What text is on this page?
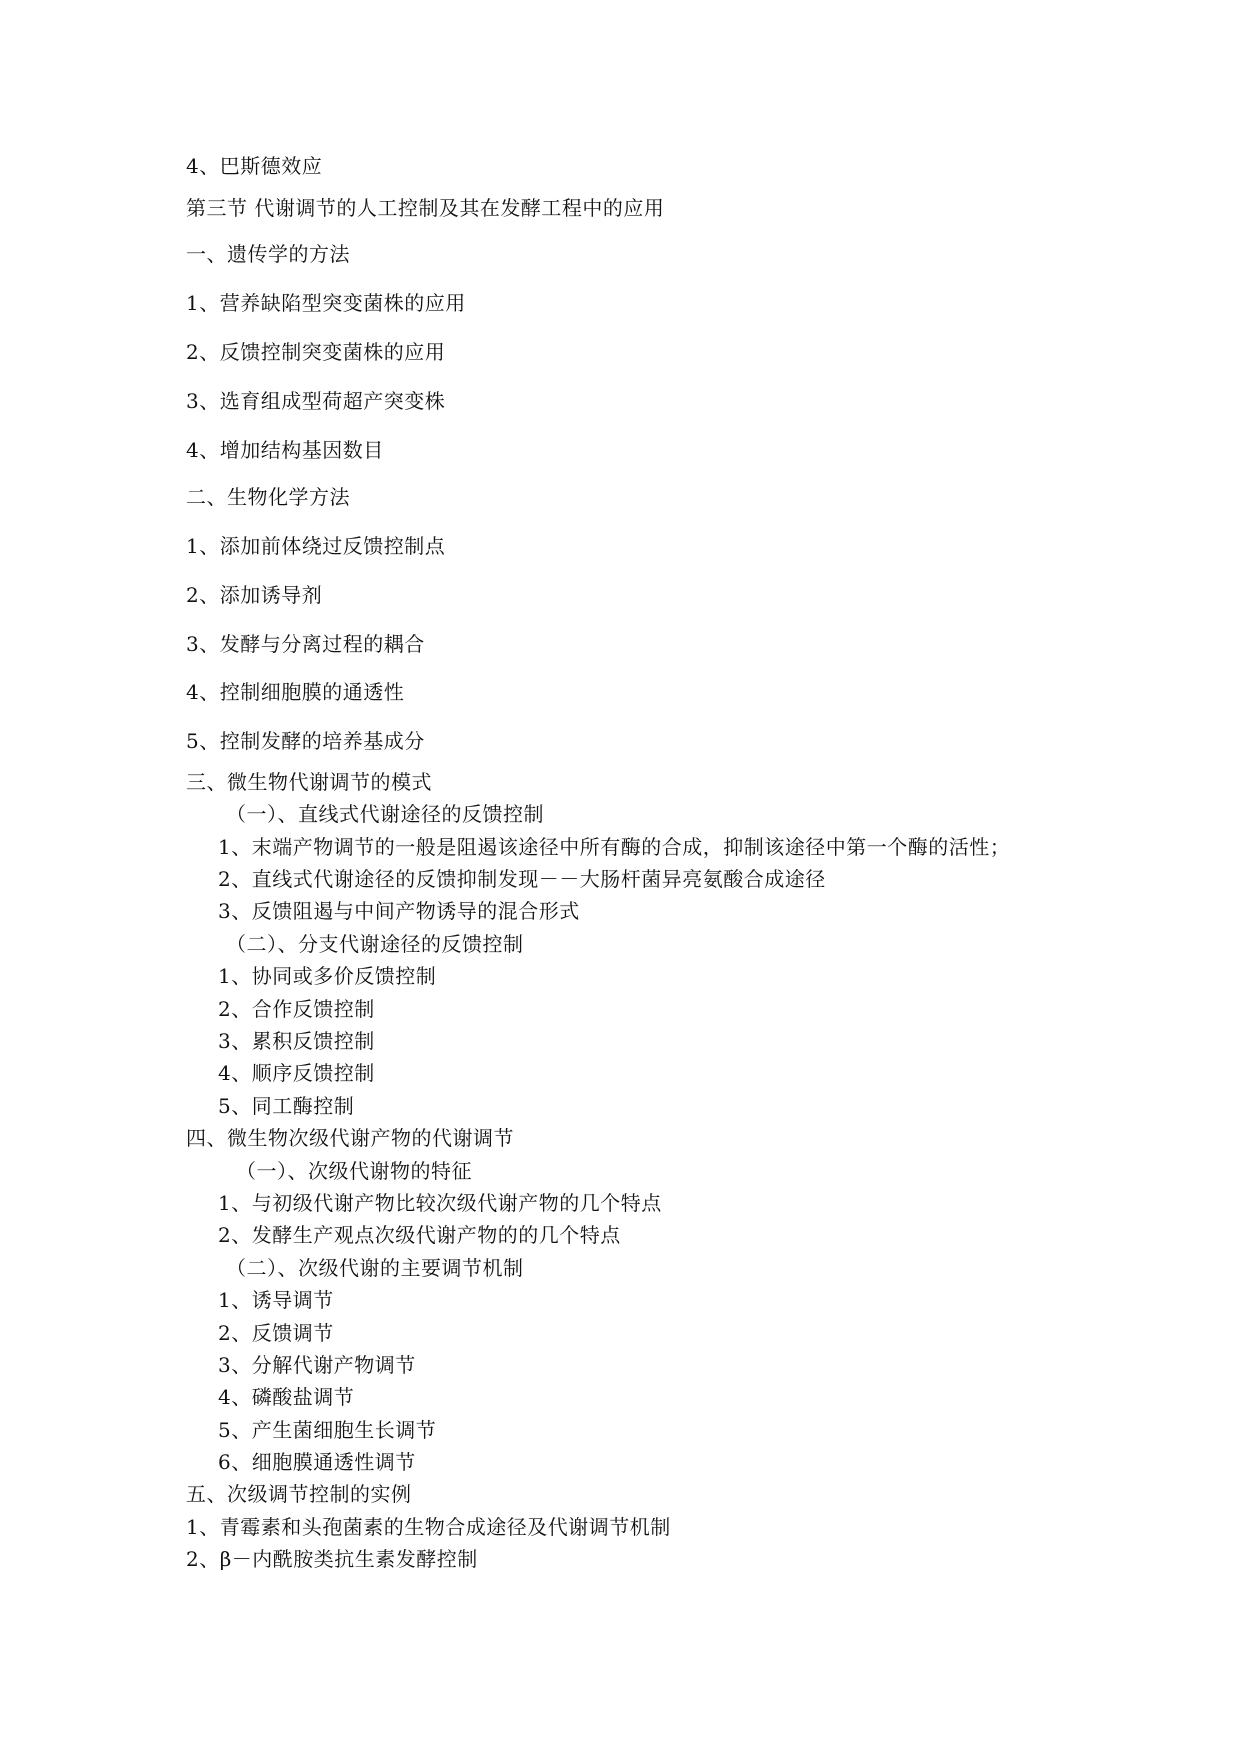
4、巴斯德效应
第三节 代谢调节的人工控制及其在发酵工程中的应用
一、遗传学的方法
1、营养缺陷型突变菌株的应用
2、反馈控制突变菌株的应用
3、选育组成型荷超产突变株
4、增加结构基因数目
二、生物化学方法
1、添加前体绕过反馈控制点
2、添加诱导剂
3、发酵与分离过程的耦合
4、控制细胞膜的通透性
5、控制发酵的培养基成分
三、微生物代谢调节的模式
（一）、直线式代谢途径的反馈控制
1、末端产物调节的一般是阻遏该途径中所有酶的合成，抑制该途径中第一个酶的活性；
2、直线式代谢途径的反馈抑制发现－－大肠杆菌异亮氨酸合成途径
3、反馈阻遏与中间产物诱导的混合形式
（二）、分支代谢途径的反馈控制
1、协同或多价反馈控制
2、合作反馈控制
3、累积反馈控制
4、顺序反馈控制
5、同工酶控制
四、微生物次级代谢产物的代谢调节
（一）、次级代谢物的特征
1、与初级代谢产物比较次级代谢产物的几个特点
2、发酵生产观点次级代谢产物的的几个特点
（二）、次级代谢的主要调节机制
1、诱导调节
2、反馈调节
3、分解代谢产物调节
4、磷酸盐调节
5、产生菌细胞生长调节
6、细胞膜通透性调节
五、次级调节控制的实例
1、青霉素和头孢菌素的生物合成途径及代谢调节机制
2、β－内酰胺类抗生素发酵控制
